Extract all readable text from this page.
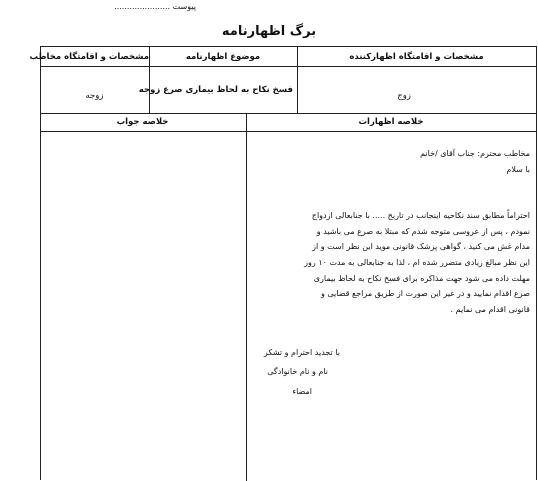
پیوست ......................
برگ اظهارنامه
مشخصات و اقامتگاه اظهارکننده
موضوع اظهارنامه
مشخصات و اقامتگاه مخاطب
زوج
فسخ نکاح به لحاظ بیماری صرع زوجه
زوجه
خلاصه اظهارات
خلاصه جواب

مخاطب محترم: جناب آقای /خانم

با سلام

احتراماً مطابق سند نکاحیه اینجانب در تاریخ ..... با جنابعالی ازدواج

نمودم ، پس از عروسی متوجه شدم که مبتلا به صرع می باشید و

مدام غش می کنید ، گواهی پزشک قانونی موید این نظر است و از

این نظر مبالغ زیادی متضرر شده ام ، لذا به جنابعالی به مدت ۱۰ روز

مهلت داده می شود جهت مذاکره برای فسخ نکاح به لحاظ بیماری

صرع اقدام نمایید و در غیر این صورت از طریق مراجع قضایی و

قانونی اقدام می نمایم .

با تجدید احترام و تشکر

نام و نام خانوادگی

امضاء
